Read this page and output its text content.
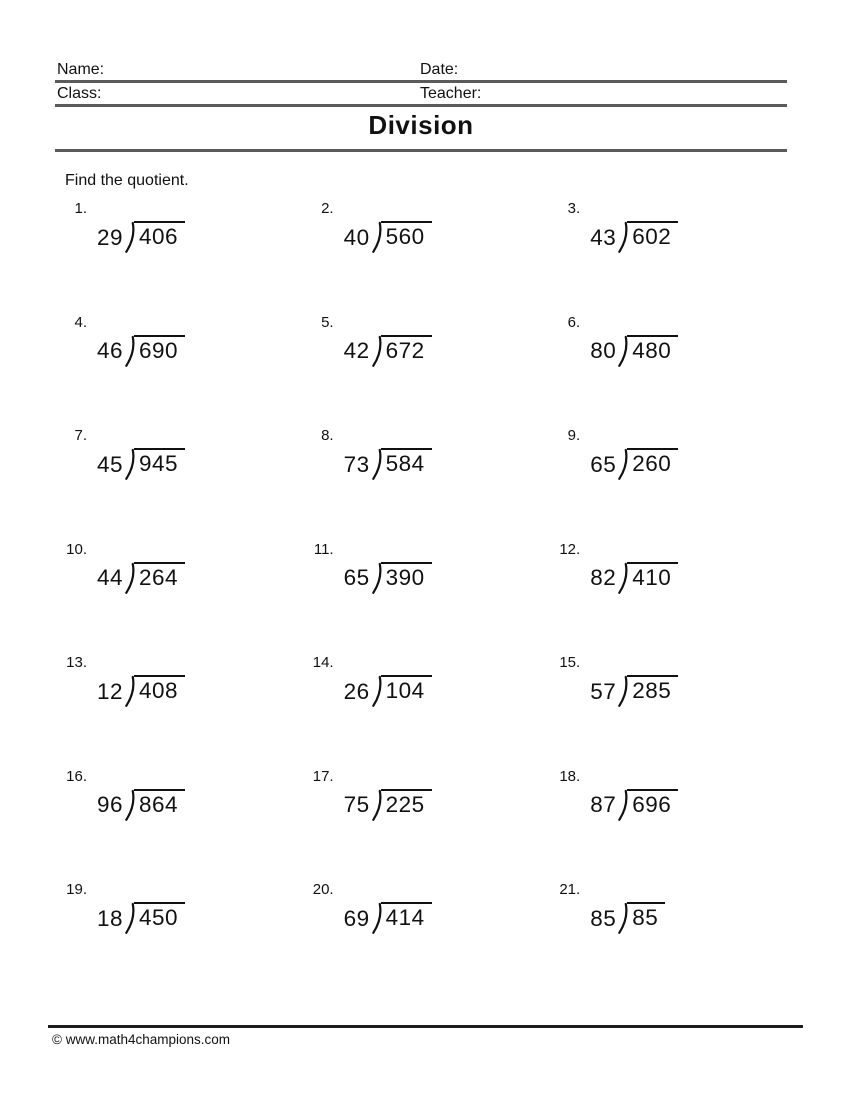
Name:	Date:
Class:	Teacher:
Division
Find the quotient.
1.
29 406
2.
40 560
3.
43 602
4.
46 690
5.
42 672
6.
80 480
7.
45 945
8.
73 584
9.
65 260
10.
44 264
11.
65 390
12.
82 410
13.
12 408
14.
26 104
15.
57 285
16.
96 864
17.
75 225
18.
87 696
19.
18 450
20.
69 414
21.
85 85
© www.math4champions.com
